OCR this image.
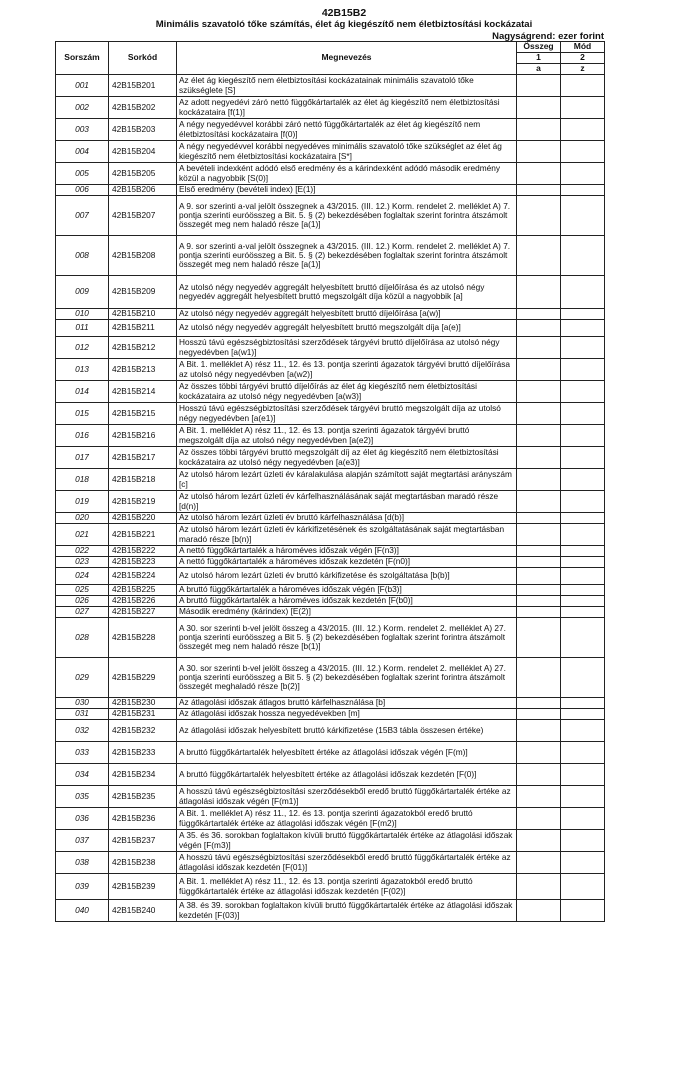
42B15B2
Minimális szavatoló tőke számítás, élet ág kiegészítő nem életbiztosítási kockázatai
Nagyságrend: ezer forint
Sorszám	Sorkód	Megnevezés	Összeg	Mód
			1	2
			a	z
001	42B15B201	Az élet ág kiegészítő nem életbiztosítási kockázatainak minimális szavatoló tőke szükséglete [S]		
002	42B15B202	Az adott negyedévi záró nettó függőkártartalék az élet ág kiegészítő nem életbiztosítási kockázataira [f(1)]		
003	42B15B203	A négy negyedévvel korábbi záró nettó függőkártartalék az élet ág kiegészítő nem életbiztosítási kockázataira [f(0)]		
004	42B15B204	A négy negyedévvel korábbi negyedéves minimális szavatoló tőke szükséglet az élet ág kiegészítő nem életbiztosítási kockázataira [S*]		
005	42B15B205	A bevételi indexként adódó első eredmény és a kárindexként adódó második eredmény közül a nagyobbik [S(0)]		
006	42B15B206	Első eredmény (bevételi index) [E(1)]		
007	42B15B207	A 9. sor szerinti a-val jelölt összegnek a 43/2015. (III. 12.) Korm. rendelet 2. melléklet A) 7. pontja szerinti euróösszeg a Bit. 5. § (2) bekezdésében foglaltak szerint forintra átszámolt összegét meg nem haladó része [a(1)]		
008	42B15B208	A 9. sor szerinti a-val jelölt összegnek a 43/2015. (III. 12.) Korm. rendelet 2. melléklet A) 7. pontja szerinti euróösszeg a Bit. 5. § (2) bekezdésében foglaltak szerint forintra átszámolt összegét meg nem haladó része [a(1)]		
009	42B15B209	Az utolsó négy negyedév aggregált helyesbített bruttó díjelőírása és az utolsó négy negyedév aggregált helyesbített bruttó megszolgált díja közül a nagyobbik [a]		
010	42B15B210	Az utolsó négy negyedév aggregált helyesbített bruttó díjelőírása [a(w)]		
011	42B15B211	Az utolsó négy negyedév aggregált helyesbített bruttó megszolgált díja [a(e)]		
012	42B15B212	Hosszú távú egészségbiztosítási szerződések tárgyévi bruttó díjelőírása az utolsó négy negyedévben [a(w1)]		
013	42B15B213	A Bit. 1. melléklet A) rész 11., 12. és 13. pontja szerinti ágazatok tárgyévi bruttó díjelőírása az utolsó négy negyedévben [a(w2)]		
014	42B15B214	Az összes többi tárgyévi bruttó díjelőírás az élet ág kiegészítő nem életbiztosítási kockázataira az utolsó négy negyedévben [a(w3)]		
015	42B15B215	Hosszú távú egészségbiztosítási szerződések tárgyévi bruttó megszolgált díja az utolsó négy negyedévben [a(e1)]		
016	42B15B216	A Bit. 1. melléklet A) rész 11., 12. és 13. pontja szerinti ágazatok tárgyévi bruttó megszolgált díja az utolsó négy negyedévben [a(e2)]		
017	42B15B217	Az összes többi tárgyévi bruttó megszolgált díj az élet ág kiegészítő nem életbiztosítási kockázataira az utolsó négy negyedévben [a(e3)]		
018	42B15B218	Az utolsó három lezárt üzleti év káralakulása alapján számított saját megtartási arányszám [c]		
019	42B15B219	Az utolsó három lezárt üzleti év kárfelhasználásának saját megtartásban maradó része [d(n)]		
020	42B15B220	Az utolsó három lezárt üzleti év bruttó kárfelhasználása [d(b)]		
021	42B15B221	Az utolsó három lezárt üzleti év kárkifizetésének és szolgáltatásának saját megtartásban maradó része [b(n)]		
022	42B15B222	A nettó függőkártartalék a hároméves időszak végén [F(n3)]		
023	42B15B223	A nettó függőkártartalék a hároméves időszak kezdetén [F(n0)]		
024	42B15B224	Az utolsó három lezárt üzleti év bruttó kárkifizetése és szolgáltatása [b(b)]		
025	42B15B225	A bruttó függőkártartalék a hároméves időszak végén [F(b3)]		
026	42B15B226	A bruttó függőkártartalék a hároméves időszak kezdetén [F(b0)]		
027	42B15B227	Második eredmény (kárindex) [E(2)]		
028	42B15B228	A 30. sor szerinti b-vel jelölt összeg a 43/2015. (III. 12.) Korm. rendelet 2. melléklet A) 27. pontja szerinti euróösszeg a Bit 5. § (2) bekezdésében foglaltak szerint forintra átszámolt összegét meg nem haladó része [b(1)]		
029	42B15B229	A 30. sor szerinti b-vel jelölt összeg a 43/2015. (III. 12.) Korm. rendelet 2. melléklet A) 27. pontja szerinti euróösszeg a Bit 5. § (2) bekezdésében foglaltak szerint forintra átszámolt összegét meghaladó része [b(2)]		
030	42B15B230	Az átlagolási időszak átlagos bruttó kárfelhasználása [b]		
031	42B15B231	Az átlagolási időszak hossza negyedévekben [m]		
032	42B15B232	Az átlagolási időszak helyesbített bruttó kárkifizetése (15B3 tábla összesen értéke)		
033	42B15B233	A bruttó függőkártartalék helyesbített értéke az átlagolási időszak végén [F(m)]		
034	42B15B234	A bruttó függőkártartalék helyesbített értéke az átlagolási időszak kezdetén [F(0)]		
035	42B15B235	A hosszú távú egészségbiztosítási szerződésekből eredő bruttó függőkártartalék értéke az átlagolási időszak végén [F(m1)]		
036	42B15B236	A Bit. 1. melléklet A) rész 11., 12. és 13. pontja szerinti ágazatokból eredő bruttó függőkártartalék értéke az átlagolási időszak végén [F(m2)]		
037	42B15B237	A 35. és 36. sorokban foglaltakon kívüli bruttó függőkártartalék értéke az átlagolási időszak végén [F(m3)]		
038	42B15B238	A hosszú távú egészségbiztosítási szerződésekből eredő bruttó függőkártartalék értéke az átlagolási időszak kezdetén [F(01)]		
039	42B15B239	A Bit. 1. melléklet A) rész 11., 12. és 13. pontja szerinti ágazatokból eredő bruttó függőkártartalék értéke az átlagolási időszak kezdetén [F(02)]		
040	42B15B240	A 38. és 39. sorokban foglaltakon kívüli bruttó függőkártartalék értéke az átlagolási időszak kezdetén [F(03)]		
